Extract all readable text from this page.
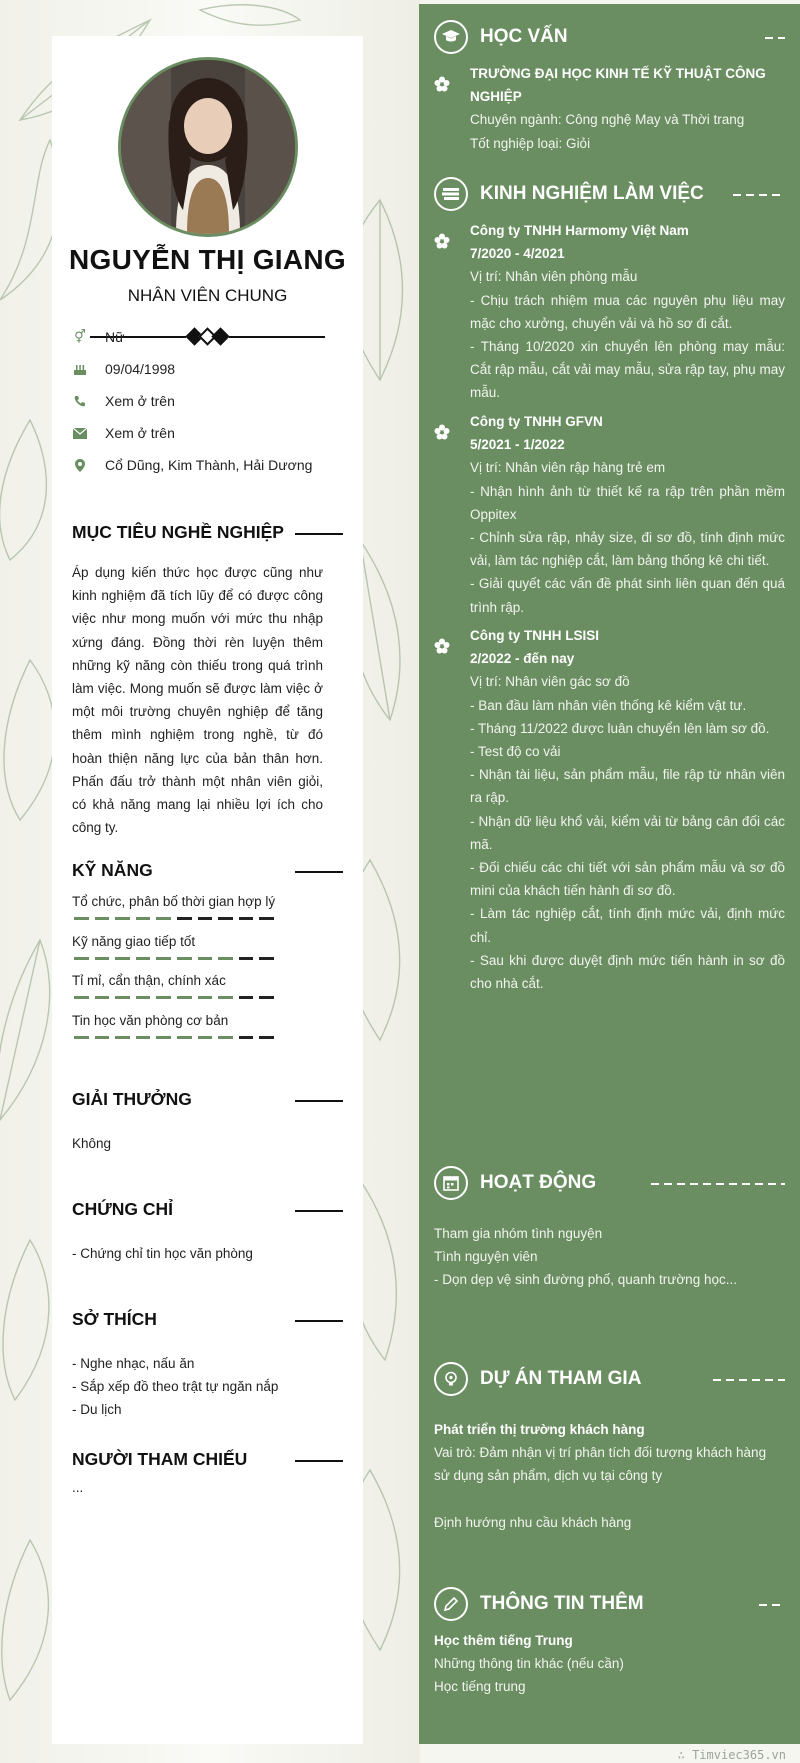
NGUYỄN THỊ GIANG
NHÂN VIÊN CHUNG
⚥ Nữ
09/04/1998
Xem ở trên
Xem ở trên
Cổ Dũng, Kim Thành, Hải Dương
MỤC TIÊU NGHỀ NGHIỆP
Áp dụng kiến thức học được cũng như kinh nghiệm đã tích lũy để có được công việc như mong muốn với mức thu nhập xứng đáng. Đồng thời rèn luyện thêm những kỹ năng còn thiếu trong quá trình làm việc. Mong muốn sẽ được làm việc ở một môi trường chuyên nghiệp để tăng thêm mình nghiệm trong nghề, từ đó hoàn thiện năng lực của bản thân hơn. Phấn đấu trở thành một nhân viên giỏi, có khả năng mang lại nhiều lợi ích cho công ty.
KỸ NĂNG
Tổ chức, phân bố thời gian hợp lý
Kỹ năng giao tiếp tốt
Tỉ mỉ, cẩn thận, chính xác
Tin học văn phòng cơ bản
GIẢI THƯỞNG
Không
CHỨNG CHỈ
- Chứng chỉ tin học văn phòng
SỞ THÍCH
- Nghe nhạc, nấu ăn
- Sắp xếp đồ theo trật tự ngăn nắp
- Du lịch
NGƯỜI THAM CHIẾU
...
HỌC VẤN
TRƯỜNG ĐẠI HỌC KINH TẾ KỸ THUẬT CÔNG NGHIỆP
Chuyên ngành: Công nghệ May và Thời trang
Tốt nghiệp loại: Giỏi
KINH NGHIỆM LÀM VIỆC
Công ty TNHH Harmomy Việt Nam
7/2020 - 4/2021
Vị trí: Nhân viên phòng mẫu
- Chịu trách nhiệm mua các nguyên phụ liệu may mặc cho xưởng, chuyển vải và hồ sơ đi cắt.
- Tháng 10/2020 xin chuyển lên phòng may mẫu: Cắt rập mẫu, cắt vải may mẫu, sửa rập tay, phụ may mẫu.
Công ty TNHH GFVN
5/2021 - 1/2022
Vị trí: Nhân viên rập hàng trẻ em
- Nhận hình ảnh từ thiết kế ra rập trên phần mềm Oppitex
- Chỉnh sửa rập, nhảy size, đi sơ đồ, tính định mức vải, làm tác nghiệp cắt, làm bảng thống kê chi tiết.
- Giải quyết các vấn đề phát sinh liên quan đến quá trình rập.
Công ty TNHH LSISI
2/2022 - đến nay
Vị trí: Nhân viên gác sơ đồ
- Ban đầu làm nhân viên thống kê kiểm vật tư.
- Tháng 11/2022 được luân chuyển lên làm sơ đồ.
- Test độ co vải
- Nhận tài liệu, sản phẩm mẫu, file rập từ nhân viên ra rập.
- Nhận dữ liệu khổ vải, kiểm vải từ bảng cân đối các mã.
- Đối chiếu các chi tiết với sản phẩm mẫu và sơ đồ mini của khách tiến hành đi sơ đồ.
- Làm tác nghiệp cắt, tính định mức vải, định mức chỉ.
- Sau khi được duyệt định mức tiến hành in sơ đồ cho nhà cắt.
HOẠT ĐỘNG
Tham gia nhóm tình nguyện
Tình nguyện viên
- Dọn dẹp vệ sinh đường phố, quanh trường học...
DỰ ÁN THAM GIA
Phát triển thị trường khách hàng
Vai trò: Đảm nhận vị trí phân tích đối tượng khách hàng sử dụng sản phẩm, dịch vụ tại công ty
Định hướng nhu cầu khách hàng
THÔNG TIN THÊM
Học thêm tiếng Trung
Những thông tin khác (nếu cần)
Học tiếng trung
∴ Timviec365.vn
